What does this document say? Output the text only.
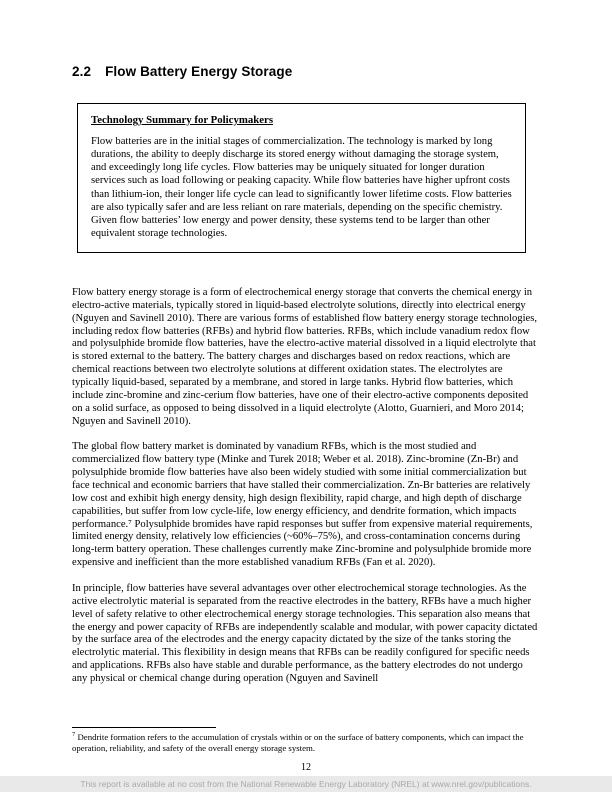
2.2 Flow Battery Energy Storage

Technology Summary for Policymakers

Flow batteries are in the initial stages of commercialization. The technology is marked by long durations, the ability to deeply discharge its stored energy without damaging the storage system, and exceedingly long life cycles. Flow batteries may be uniquely situated for longer duration services such as load following or peaking capacity. While flow batteries have higher upfront costs than lithium-ion, their longer life cycle can lead to significantly lower lifetime costs. Flow batteries are also typically safer and are less reliant on rare materials, depending on the specific chemistry. Given flow batteries’ low energy and power density, these systems tend to be larger than other equivalent storage technologies.

Flow battery energy storage is a form of electrochemical energy storage that converts the chemical energy in electro-active materials, typically stored in liquid-based electrolyte solutions, directly into electrical energy (Nguyen and Savinell 2010). There are various forms of established flow battery energy storage technologies, including redox flow batteries (RFBs) and hybrid flow batteries. RFBs, which include vanadium redox flow and polysulphide bromide flow batteries, have the electro-active material dissolved in a liquid electrolyte that is stored external to the battery. The battery charges and discharges based on redox reactions, which are chemical reactions between two electrolyte solutions at different oxidation states. The electrolytes are typically liquid-based, separated by a membrane, and stored in large tanks. Hybrid flow batteries, which include zinc-bromine and zinc-cerium flow batteries, have one of their electro-active components deposited on a solid surface, as opposed to being dissolved in a liquid electrolyte (Alotto, Guarnieri, and Moro 2014; Nguyen and Savinell 2010).

The global flow battery market is dominated by vanadium RFBs, which is the most studied and commercialized flow battery type (Minke and Turek 2018; Weber et al. 2018). Zinc-bromine (Zn-Br) and polysulphide bromide flow batteries have also been widely studied with some initial commercialization but face technical and economic barriers that have stalled their commercialization. Zn-Br batteries are relatively low cost and exhibit high energy density, high design flexibility, rapid charge, and high depth of discharge capabilities, but suffer from low cycle-life, low energy efficiency, and dendrite formation, which impacts performance.⁷ Polysulphide bromides have rapid responses but suffer from expensive material requirements, limited energy density, relatively low efficiencies (~60%–75%), and cross-contamination concerns during long-term battery operation. These challenges currently make Zinc-bromine and polysulphide bromide more expensive and inefficient than the more established vanadium RFBs (Fan et al. 2020).

In principle, flow batteries have several advantages over other electrochemical storage technologies. As the active electrolytic material is separated from the reactive electrodes in the battery, RFBs have a much higher level of safety relative to other electrochemical energy storage technologies. This separation also means that the energy and power capacity of RFBs are independently scalable and modular, with power capacity dictated by the surface area of the electrodes and the energy capacity dictated by the size of the tanks storing the electrolytic material. This flexibility in design means that RFBs can be readily configured for specific needs and applications. RFBs also have stable and durable performance, as the battery electrodes do not undergo any physical or chemical change during operation (Nguyen and Savinell

$^7$ Dendrite formation refers to the accumulation of crystals within or on the surface of battery components, which can impact the operation, reliability, and safety of the overall energy storage system.
12
This report is available at no cost from the National Renewable Energy Laboratory (NREL) at www.nrel.gov/publications.
